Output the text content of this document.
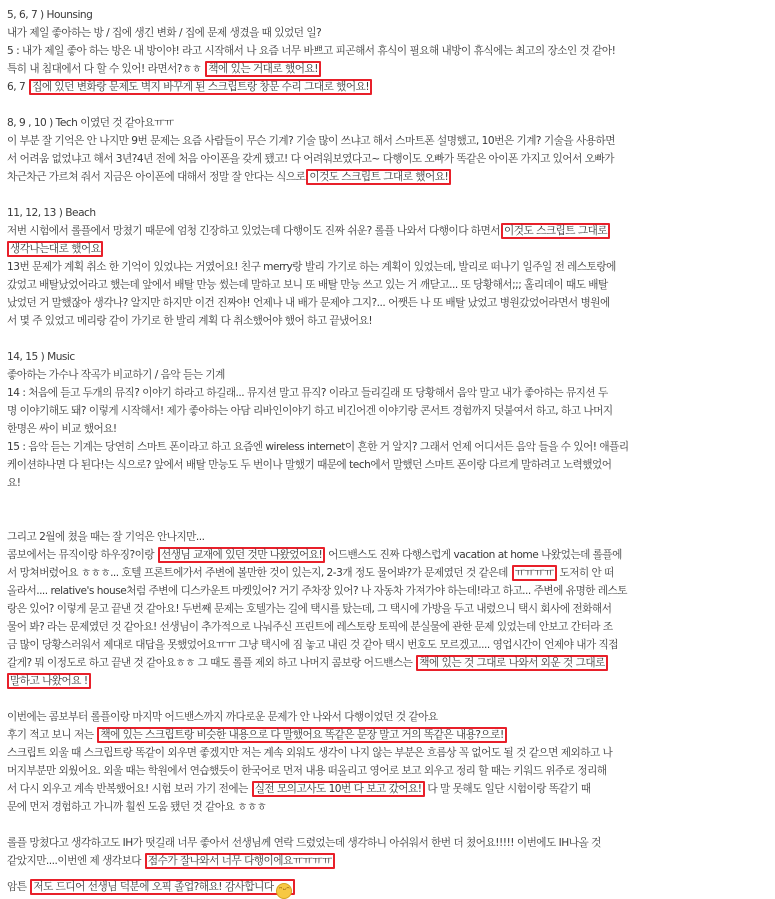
5, 6, 7 ) Hounsing
내가 제일 좋아하는 방 / 집에 생긴 변화 / 집에 문제 생겼을 때 있었던 일?
5 : 내가 제일 좋아 하는 방은 내 방이야! 라고 시작해서 나 요즘 너무 바쁘고 피곤해서 휴식이 필요해 내방이 휴식에는 최고의 장소인 것 같아!
특히 내 침대에서 다 할 수 있어! 라면서?ㅎㅎ 책에 있는 거대로 했어요!
6, 7 집에 있던 변화랑 문제도 벽지 바꾸게 된 스크립트랑 창문 수리 그대로 했어요!
8, 9 , 10 ) Tech 이였던 것 같아요ㅠㅠ
이 부분 잘 기억은 안 나지만 9번 문제는 요즘 사람들이 무슨 기계? 기술 많이 쓰냐고 해서 스마트폰 설명했고, 10번은 기계? 기술을 사용하면
서 어려움 없었냐고 해서 3년?4년 전에 처음 아이폰을 갖게 됐고! 다 어려워보였다고~ 다행이도 오빠가 똑같은 아이폰 가지고 있어서 오빠가
차근차근 가르쳐 줘서 지금은 아이폰에 대해서 정말 잘 안다는 식으로 이것도 스크립트 그대로 했어요!
11, 12, 13 ) Beach
저번 시험에서 롤플에서 망쳤기 때문에 엄청 긴장하고 있었는데 다행이도 진짜 쉬운? 롤플 나와서 다행이다 하면서 이것도 스크립트 그대로
생각나는대로 했어요
13번 문제가 계획 취소 한 기억이 있었냐는 거였어요! 친구 merry랑 발리 가기로 하는 계획이 있었는데, 발리로 떠나기 일주일 전 레스토랑에
갔었고 배탈났었어라고 했는데 앞에서 배탈 만능 썼는데 말하고 보니 또 배탈 만능 쓰고 있는 거 깨닫고... 또 당황해서;;; 홀리데이 때도 배탈
났었던 거 말했잖아 생각나? 알지만 하지만 이건 진짜야! 언제나 내 배가 문제야 그지?... 어쨋든 나 또 배탈 났었고 병원갔었어라면서 병원에
서 몇 주 있었고 메리랑 같이 가기로 한 발리 계획 다 취소했어야 했어 하고 끝냈어요!
14, 15 ) Music
좋아하는 가수나 작곡가 비교하기 / 음악 듣는 기계
14 : 처음에 듣고 두개의 뮤직? 이야기 하라고 하길래... 뮤지션 말고 뮤직? 이라고 들리길래 또 당황해서 음악 말고 내가 좋아하는 뮤지션 두
명 이야기해도 돼? 이렇게 시작해서! 제가 좋아하는 아담 리바인이야기 하고 비긴어겐 이야기랑 콘서트 경험까지 덧붙여서 하고, 하고 나머지
한명은 싸이 비교 했어요!
15 : 음악 듣는 기계는 당연히 스마트 폰이라고 하고 요즘엔 wireless internet이 흔한 거 알지? 그래서 언제 어디서든 음악 들을 수 있어! 애플리
케이션하나면 다 된다!는 식으로? 앞에서 배탈 만능도 두 번이나 말했기 때문에 tech에서 말했던 스마트 폰이랑 다르게 말하려고 노력했었어
요!
그리고 2월에 쳤을 때는 잘 기억은 안나지만...
콤보에서는 뮤직이랑 하우징?이랑 선생님 교재에 있던 것만 나왔었어요! 어드밴스도 진짜 다행스럽게 vacation at home 나왔었는데 롤플에
서 망쳐버렸어요 ㅎㅎㅎ... 호텔 프론트에가서 주변에 볼만한 것이 있는지, 2-3개 정도 물어봐?가 문제였던 것 같은데 ㅠㅠㅠㅠ 도저히 안 떠
올라서.... relative's house처럼 주변에 디스카운트 마켓있어? 거기 주차장 있어? 나 자동차 가져가야 하는데!라고 하고... 주변에 유명한 레스토
랑은 있어? 이렇게 묻고 끝낸 것 같아요! 두번째 문제는 호텔가는 길에 택시를 탔는데, 그 택시에 가방을 두고 내렸으니 택시 회사에 전화해서
물어 봐? 라는 문제였던 것 같아요! 선생님이 추가적으로 나눠주신 프린트에 레스토랑 토픽에 분실물에 관한 문제 있었는데 안보고 간터라 조
금 많이 당황스러워서 제대로 대답을 못했었어요ㅠㅠ 그냥 택시에 짐 놓고 내린 것 같아 택시 번호도 모르겠고.... 영업시간이 언제야 내가 직접
갈게? 뭐 이정도로 하고 끝낸 것 같아요ㅎㅎ 그 때도 롤플 제외 하고 나머지 콤보랑 어드밴스는 책에 있는 것 그대로 나와서 외운 것 그대로
말하고 나왔어요 !
이번에는 콤보부터 롤플이랑 마지막 어드밴스까지 까다로운 문제가 안 나와서 다행이었던 것 같아요
후기 적고 보니 저는 책에 있는 스크립트랑 비슷한 내용으로 다 말했어요 똑같은 문장 말고 거의 똑같은 내용?으로!
스크립트 외울 때 스크립트랑 똑같이 외우면 좋겠지만 저는 계속 외워도 생각이 나지 않는 부분은 흐름상 꼭 없어도 될 것 같으면 제외하고 나
머지부분만 외웠어요. 외울 때는 학원에서 연습했듯이 한국어로 먼저 내용 떠올리고 영어로 보고 외우고 정리 할 때는 키워드 위주로 정리해
서 다시 외우고 계속 반복했어요! 시험 보러 가기 전에는 실전 모의고사도 10번 다 보고 갔어요! 다 말 못해도 일단 시험이랑 똑같기 때
문에 먼저 경험하고 가니까 훨씬 도움 됐던 것 같아요 ㅎㅎㅎ
롤플 망쳤다고 생각하고도 IH가 떳길래 너무 좋아서 선생님께 연락 드렸었는데 생각하니 아쉬워서 한번 더 쳤어요!!!!! 이번에도 IH나올 것
같았지만....이번엔 제 생각보다 점수가 잘나와서 너무 다행이에요ㅠㅠㅠㅠ
암튼 저도 드디어 선생님 덕분에 오픽 졸업?해요! 감사합니다 ᵔᵕᵔ
